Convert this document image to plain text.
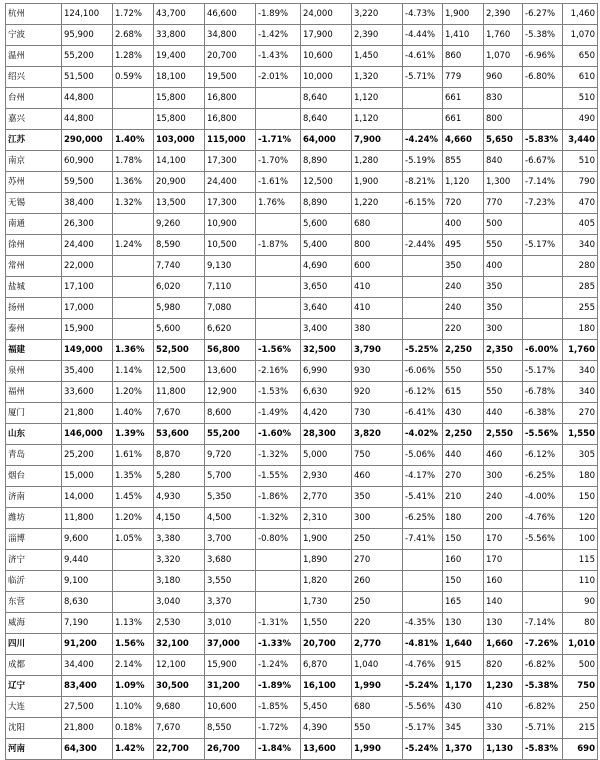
杭州	124,100	1.72%	43,700	46,600	-1.89%	24,000	3,220	-4.73%	1,900	2,390	-6.27%	1,460
宁波	95,900	2.68%	33,800	34,800	-1.42%	17,900	2,390	-4.44%	1,410	1,760	-5.38%	1,070
温州	55,200	1.28%	19,400	20,700	-1.43%	10,600	1,450	-4.61%	860	1,070	-6.96%	650
绍兴	51,500	0.59%	18,100	19,500	-2.01%	10,000	1,320	-5.71%	779	960	-6.80%	610
台州	44,800		15,800	16,800		8,640	1,120		661	830		510
嘉兴	44,800		15,800	16,800		8,640	1,120		661	800		490
江苏	290,000	1.40%	103,000	115,000	-1.71%	64,000	7,900	-4.24%	4,660	5,650	-5.83%	3,440
南京	60,900	1.78%	14,100	17,300	-1.70%	8,890	1,280	-5.19%	855	840	-6.67%	510
苏州	59,500	1.36%	20,900	24,400	-1.61%	12,500	1,900	-8.21%	1,120	1,300	-7.14%	790
无锡	38,400	1.32%	13,500	17,300	1.76%	8,890	1,220	-6.15%	720	770	-7.23%	470
南通	26,300		9,260	10,900		5,600	680		400	500		405
徐州	24,400	1.24%	8,590	10,500	-1.87%	5,400	800	-2.44%	495	550	-5.17%	340
常州	22,000		7,740	9,130		4,690	600		350	400		280
盐城	17,100		6,020	7,110		3,650	410		240	350		285
扬州	17,000		5,980	7,080		3,640	410		240	350		255
泰州	15,900		5,600	6,620		3,400	380		220	300		180
福建	149,000	1.36%	52,500	56,800	-1.56%	32,500	3,790	-5.25%	2,250	2,350	-6.00%	1,760
泉州	35,400	1.14%	12,500	13,600	-2.16%	6,990	930	-6.06%	550	550	-5.17%	340
福州	33,600	1.20%	11,800	12,900	-1.53%	6,630	920	-6.12%	615	550	-6.78%	340
厦门	21,800	1.40%	7,670	8,600	-1.49%	4,420	730	-6.41%	430	440	-6.38%	270
山东	146,000	1.39%	53,600	55,200	-1.60%	28,300	3,820	-4.02%	2,250	2,550	-5.56%	1,550
青岛	25,200	1.61%	8,870	9,720	-1.32%	5,000	750	-5.06%	440	460	-6.12%	305
烟台	15,000	1.35%	5,280	5,700	-1.55%	2,930	460	-4.17%	270	300	-6.25%	180
济南	14,000	1.45%	4,930	5,350	-1.86%	2,770	350	-5.41%	210	240	-4.00%	150
潍坊	11,800	1.20%	4,150	4,500	-1.32%	2,310	300	-6.25%	180	200	-4.76%	120
淄博	9,600	1.05%	3,380	3,700	-0.80%	1,900	250	-7.41%	150	170	-5.56%	100
济宁	9,440		3,320	3,680		1,890	270		160	170		115
临沂	9,100		3,180	3,550		1,820	260		150	160		110
东营	8,630		3,040	3,370		1,730	250		165	140		90
威海	7,190	1.13%	2,530	3,010	-1.31%	1,550	220	-4.35%	130	130	-7.14%	80
四川	91,200	1.56%	32,100	37,000	-1.33%	20,700	2,770	-4.81%	1,640	1,660	-7.26%	1,010
成都	34,400	2.14%	12,100	15,900	-1.24%	6,870	1,040	-4.76%	915	820	-6.82%	500
辽宁	83,400	1.09%	30,500	31,200	-1.89%	16,100	1,990	-5.24%	1,170	1,230	-5.38%	750
大连	27,500	1.10%	9,680	10,600	-1.85%	5,450	680	-5.56%	430	410	-6.82%	250
沈阳	21,800	0.18%	7,670	8,550	-1.72%	4,390	550	-5.17%	345	330	-5.71%	215
河南	64,300	1.42%	22,700	26,700	-1.84%	13,600	1,990	-5.24%	1,370	1,130	-5.83%	690
